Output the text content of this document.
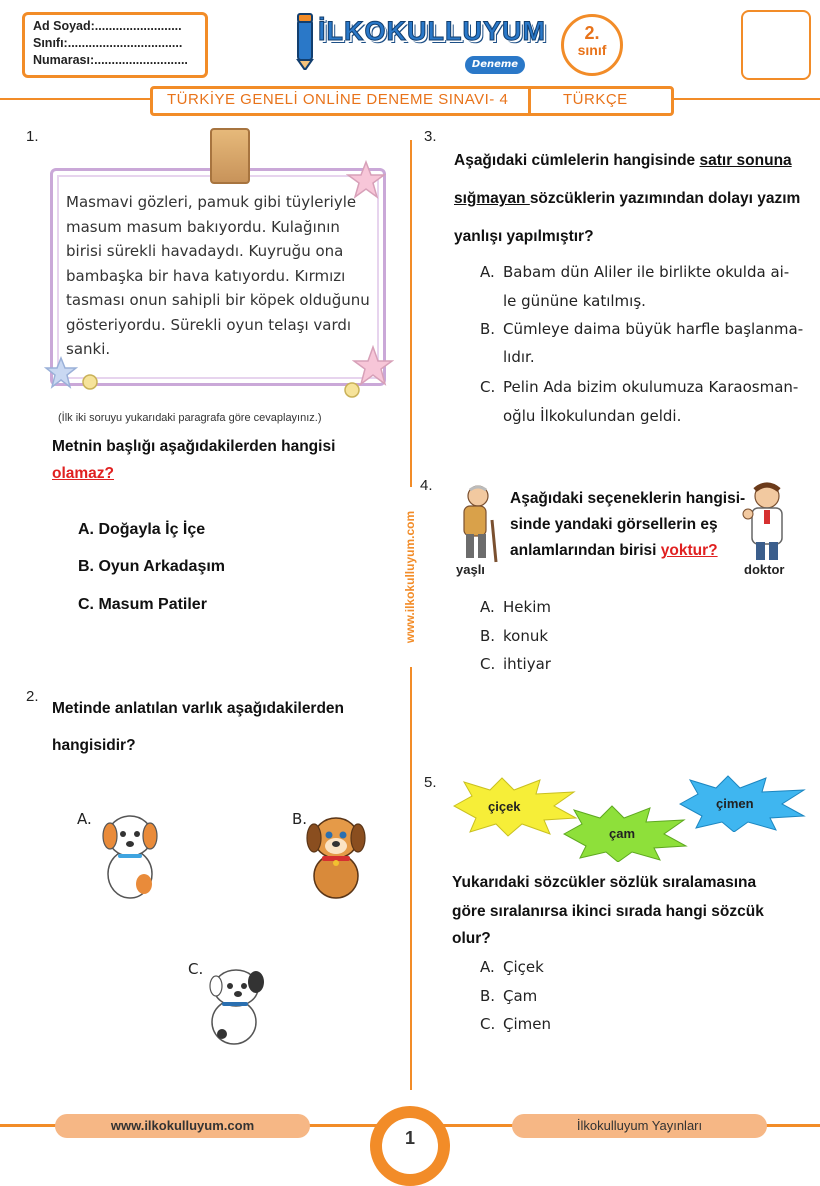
Ad Soyad:.........................
Sınıfı:.................................
Numarası:...........................
İLKOKULLUYUM
Deneme
2.
sınıf
TÜRKİYE GENELİ ONLİNE DENEME SINAVI- 4	TÜRKÇE
www.ilkokulluyum.com
1.
Masmavi gözleri, pamuk gibi tüyleriyle masum masum bakıyordu. Kulağının birisi sürekli havadaydı. Kuyruğu ona bambaşka bir hava katıyordu. Kırmızı tasması onun sahipli bir köpek olduğunu gösteriyordu. Sürekli oyun telaşı vardı sanki.
(İlk iki soruyu yukarıdaki paragrafa göre cevaplayınız.)
Metnin başlığı aşağıdakilerden hangisi
olamaz?
A. Doğayla İç İçe
B. Oyun Arkadaşım
C. Masum Patiler
2.
Metinde anlatılan varlık aşağıdakilerden
hangisidir?
A.	B.
C.
3.
Aşağıdaki cümlelerin hangisinde satır sonuna
sığmayan sözcüklerin yazımından dolayı yazım
yanlışı yapılmıştır?
A. Babam dün Aliler ile birlikte okulda ai-
le gününe katılmış.
B. Cümleye daima büyük harfle başlanma-
lıdır.
C. Pelin Ada bizim okulumuza Karaosman-
oğlu İlkokulundan geldi.
4.
yaşlı
Aşağıdaki seçeneklerin hangisi-
sinde yandaki görsellerin eş
anlamlarından birisi yoktur?
doktor
A. Hekim
B. konuk
C. ihtiyar
5.
çiçek
çam
çimen
Yukarıdaki sözcükler sözlük sıralamasına
göre sıralanırsa ikinci sırada hangi sözcük
olur?
A. Çiçek
B. Çam
C. Çimen
www.ilkokulluyum.com	İlkokulluyum Yayınları
1
